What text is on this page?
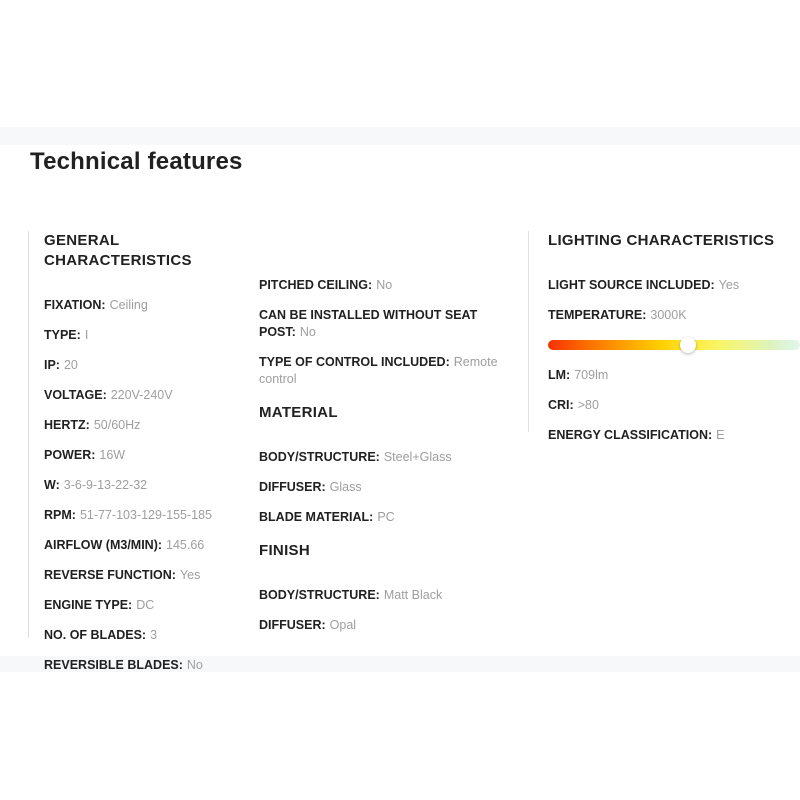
Technical features
GENERAL CHARACTERISTICS
FIXATION: Ceiling
TYPE: I
IP: 20
VOLTAGE: 220V-240V
HERTZ: 50/60Hz
POWER: 16W
W: 3-6-9-13-22-32
RPM: 51-77-103-129-155-185
AIRFLOW (M3/MIN): 145.66
REVERSE FUNCTION: Yes
ENGINE TYPE: DC
NO. OF BLADES: 3
REVERSIBLE BLADES: No
PITCHED CEILING: No
CAN BE INSTALLED WITHOUT SEAT POST: No
TYPE OF CONTROL INCLUDED: Remote control
MATERIAL
BODY/STRUCTURE: Steel+Glass
DIFFUSER: Glass
BLADE MATERIAL: PC
FINISH
BODY/STRUCTURE: Matt Black
DIFFUSER: Opal
LIGHTING CHARACTERISTICS
LIGHT SOURCE INCLUDED: Yes
TEMPERATURE: 3000K
LM: 709lm
CRI: >80
ENERGY CLASSIFICATION: E
